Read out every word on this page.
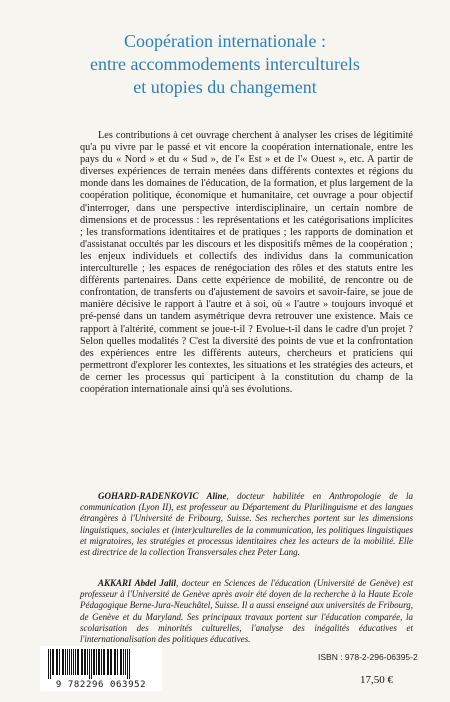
Coopération internationale :
entre accommodements interculturels
et utopies du changement

Les contributions à cet ouvrage cherchent à analyser les crises de légitimité qu'a pu vivre par le passé et vit encore la coopération internationale, entre les pays du « Nord » et du « Sud », de l'« Est » et de l'« Ouest », etc. A partir de diverses expériences de terrain menées dans différents contextes et régions du monde dans les domaines de l'éducation, de la formation, et plus largement de la coopération politique, économique et humanitaire, cet ouvrage a pour objectif d'interroger, dans une perspective interdisciplinaire, un certain nombre de dimensions et de processus : les représentations et les catégorisations implicites ; les transformations identitaires et de pratiques ; les rapports de domination et d'assistanat occultés par les discours et les dispositifs mêmes de la coopération ; les enjeux individuels et collectifs des individus dans la communication interculturelle ; les espaces de renégociation des rôles et des statuts entre les différents partenaires. Dans cette expérience de mobilité, de rencontre ou de confrontation, de transferts ou d'ajustement de savoirs et savoir-faire, se joue de manière décisive le rapport à l'autre et à soi, où « l'autre » toujours invoqué et pré-pensé dans un tandem asymétrique devra retrouver une existence. Mais ce rapport à l'altérité, comment se joue-t-il ? Evolue-t-il dans le cadre d'un projet ? Selon quelles modalités ? C'est la diversité des points de vue et la confrontation des expériences entre les différents auteurs, chercheurs et praticiens qui permettront d'explorer les contextes, les situations et les stratégies des acteurs, et de cerner les processus qui participent à la constitution du champ de la coopération internationale ainsi qu'à ses évolutions.

GOHARD-RADENKOVIC Aline, docteur habilitée en Anthropologie de la communication (Lyon II), est professeur au Département du Plurilinguisme et des langues étrangères à l'Université de Fribourg, Suisse. Ses recherches portent sur les dimensions linguistiques, sociales et (inter)culturelles de la communication, les politiques linguistiques et migratoires, les stratégies et processus identitaires chez les acteurs de la mobilité. Elle est directrice de la collection Transversales chez Peter Lang.

AKKARI Abdel Jalil, docteur en Sciences de l'éducation (Université de Genève) est professeur à l'Université de Genève après avoir été doyen de la recherche à la Haute Ecole Pédagogique Berne-Jura-Neuchâtel, Suisse. Il a aussi enseigné aux universités de Fribourg, de Genève et du Maryland. Ses principaux travaux portent sur l'éducation comparée, la scolarisation des minorités culturelles, l'analyse des inégalités éducatives et l'internationalisation des politiques éducatives.

9 782296 063952
ISBN : 978-2-296-06395-2
17,50 €
